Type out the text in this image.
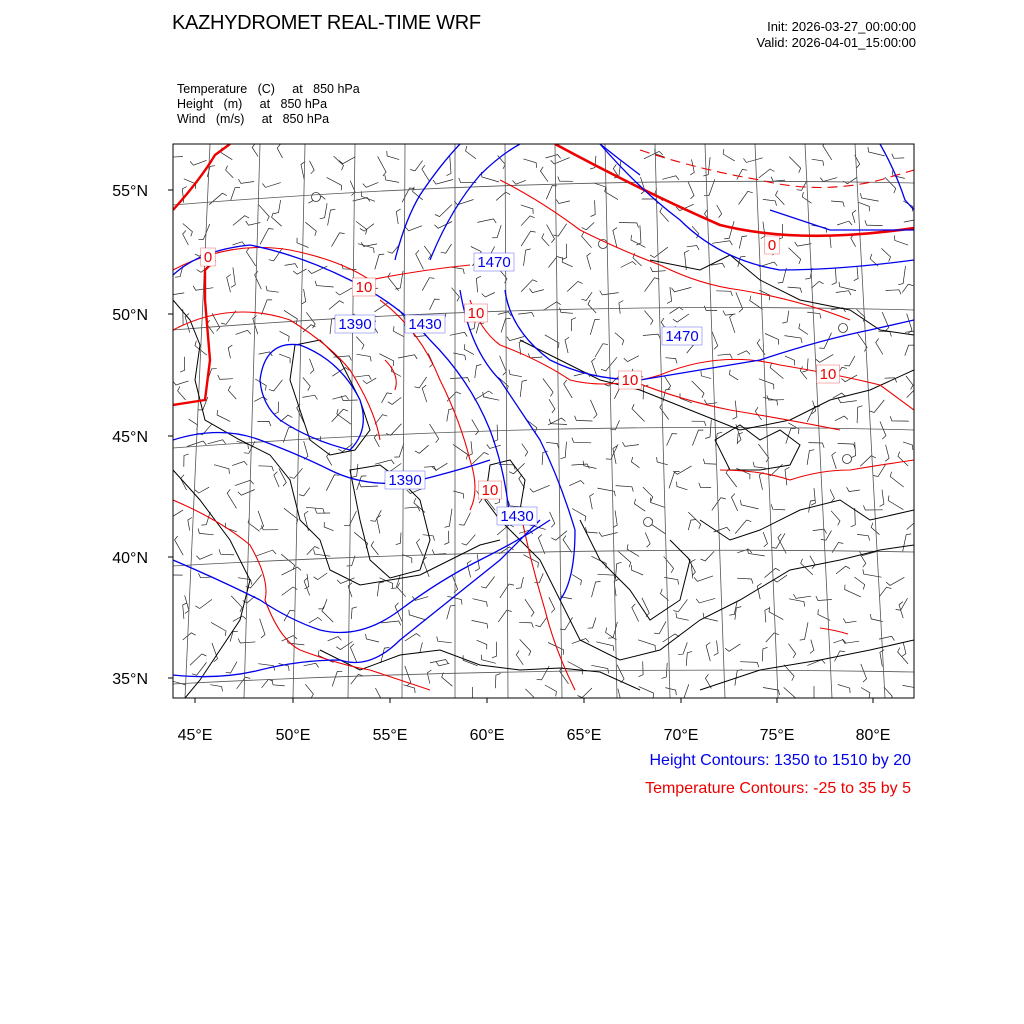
KAZHYDROMET REAL-TIME WRF	Init: 2026-03-27_00:00:00
Valid: 2026-04-01_15:00:00
Temperature   (C)     at   850 hPa
Height   (m)     at   850 hPa
Wind   (m/s)     at   850 hPa
1470
1390 1430
1470
1390
1430
0
10
10
10	10
10
0
55°N
50°N
45°N
40°N
35°N
45°E	50°E	55°E	60°E	65°E	70°E	75°E	80°E
Height Contours: 1350 to 1510 by 20
Temperature Contours: -25 to 35 by 5
